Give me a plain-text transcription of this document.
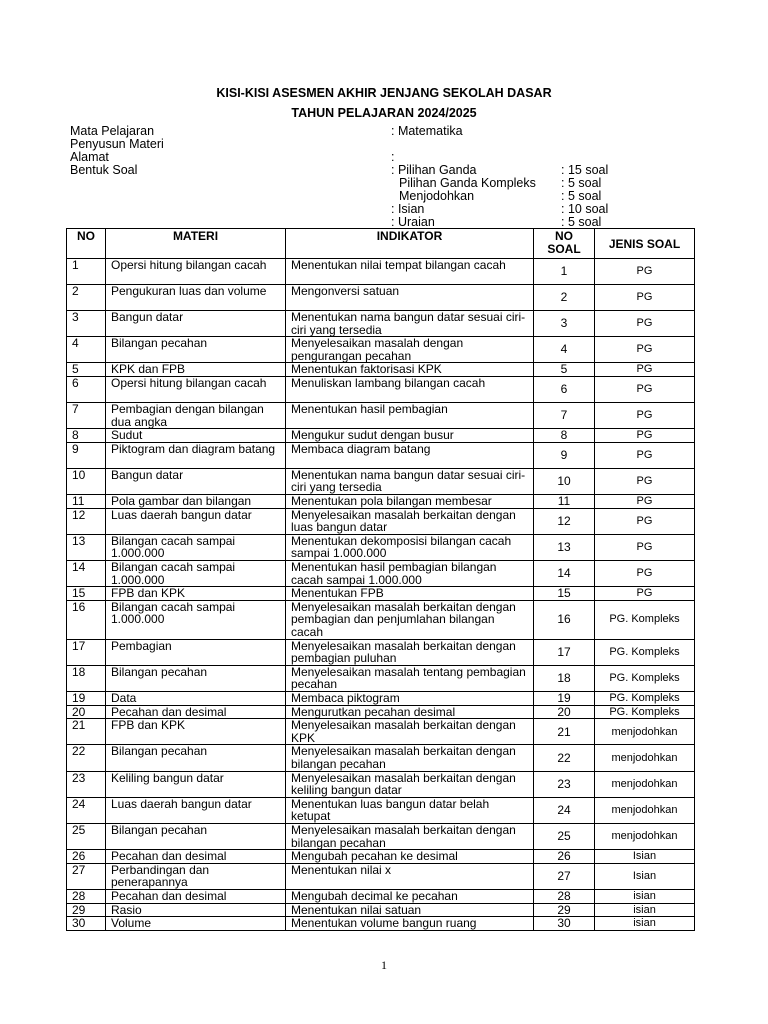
KISI-KISI ASESMEN AKHIR JENJANG SEKOLAH DASAR
TAHUN PELAJARAN 2024/2025
Mata Pelajaran	: Matematika
Penyusun Materi
Alamat	:
Bentuk Soal	: Pilihan Ganda	: 15 soal
Pilihan Ganda Kompleks : 5 soal
Menjodohkan	: 5 soal
: Isian	: 10 soal
: Uraian	: 5 soal
NO	MATERI	INDIKATOR	NO SOAL	JENIS SOAL
1	Opersi hitung bilangan cacah	Menentukan nilai tempat bilangan cacah	1	PG
2	Pengukuran luas dan volume	Mengonversi satuan	2	PG
3	Bangun datar	Menentukan nama bangun datar sesuai ciri-ciri yang tersedia	3	PG
4	Bilangan pecahan	Menyelesaikan masalah dengan pengurangan pecahan	4	PG
5	KPK dan FPB	Menentukan faktorisasi KPK	5	PG
6	Opersi hitung bilangan cacah	Menuliskan lambang bilangan cacah	6	PG
7	Pembagian dengan bilangan dua angka	Menentukan hasil pembagian	7	PG
8	Sudut	Mengukur sudut dengan busur	8	PG
9	Piktogram dan diagram batang	Membaca diagram batang	9	PG
10	Bangun datar	Menentukan nama bangun datar sesuai ciri-ciri yang tersedia	10	PG
11	Pola gambar dan bilangan	Menentukan pola bilangan membesar	11	PG
12	Luas daerah bangun datar	Menyelesaikan masalah berkaitan dengan luas bangun datar	12	PG
13	Bilangan cacah sampai 1.000.000	Menentukan dekomposisi bilangan cacah sampai 1.000.000	13	PG
14	Bilangan cacah sampai 1.000.000	Menentukan hasil pembagian bilangan cacah sampai 1.000.000	14	PG
15	FPB dan KPK	Menentukan FPB	15	PG
16	Bilangan cacah sampai 1.000.000	Menyelesaikan masalah berkaitan dengan pembagian dan penjumlahan bilangan cacah	16	PG. Kompleks
17	Pembagian	Menyelesaikan masalah berkaitan dengan pembagian puluhan	17	PG. Kompleks
18	Bilangan pecahan	Menyelesaikan masalah tentang pembagian pecahan	18	PG. Kompleks
19	Data	Membaca piktogram	19	PG. Kompleks
20	Pecahan dan desimal	Mengurutkan pecahan desimal	20	PG. Kompleks
21	FPB dan KPK	Menyelesaikan masalah berkaitan dengan KPK	21	menjodohkan
22	Bilangan pecahan	Menyelesaikan masalah berkaitan dengan bilangan pecahan	22	menjodohkan
23	Keliling bangun datar	Menyelesaikan masalah berkaitan dengan keliling bangun datar	23	menjodohkan
24	Luas daerah bangun datar	Menentukan luas bangun datar belah ketupat	24	menjodohkan
25	Bilangan pecahan	Menyelesaikan masalah berkaitan dengan bilangan pecahan	25	menjodohkan
26	Pecahan dan desimal	Mengubah pecahan ke desimal	26	Isian
27	Perbandingan dan penerapannya	Menentukan nilai x	27	Isian
28	Pecahan dan desimal	Mengubah decimal ke pecahan	28	isian
29	Rasio	Menentukan nilai satuan	29	isian
30	Volume	Menentukan volume bangun ruang	30	isian
1
